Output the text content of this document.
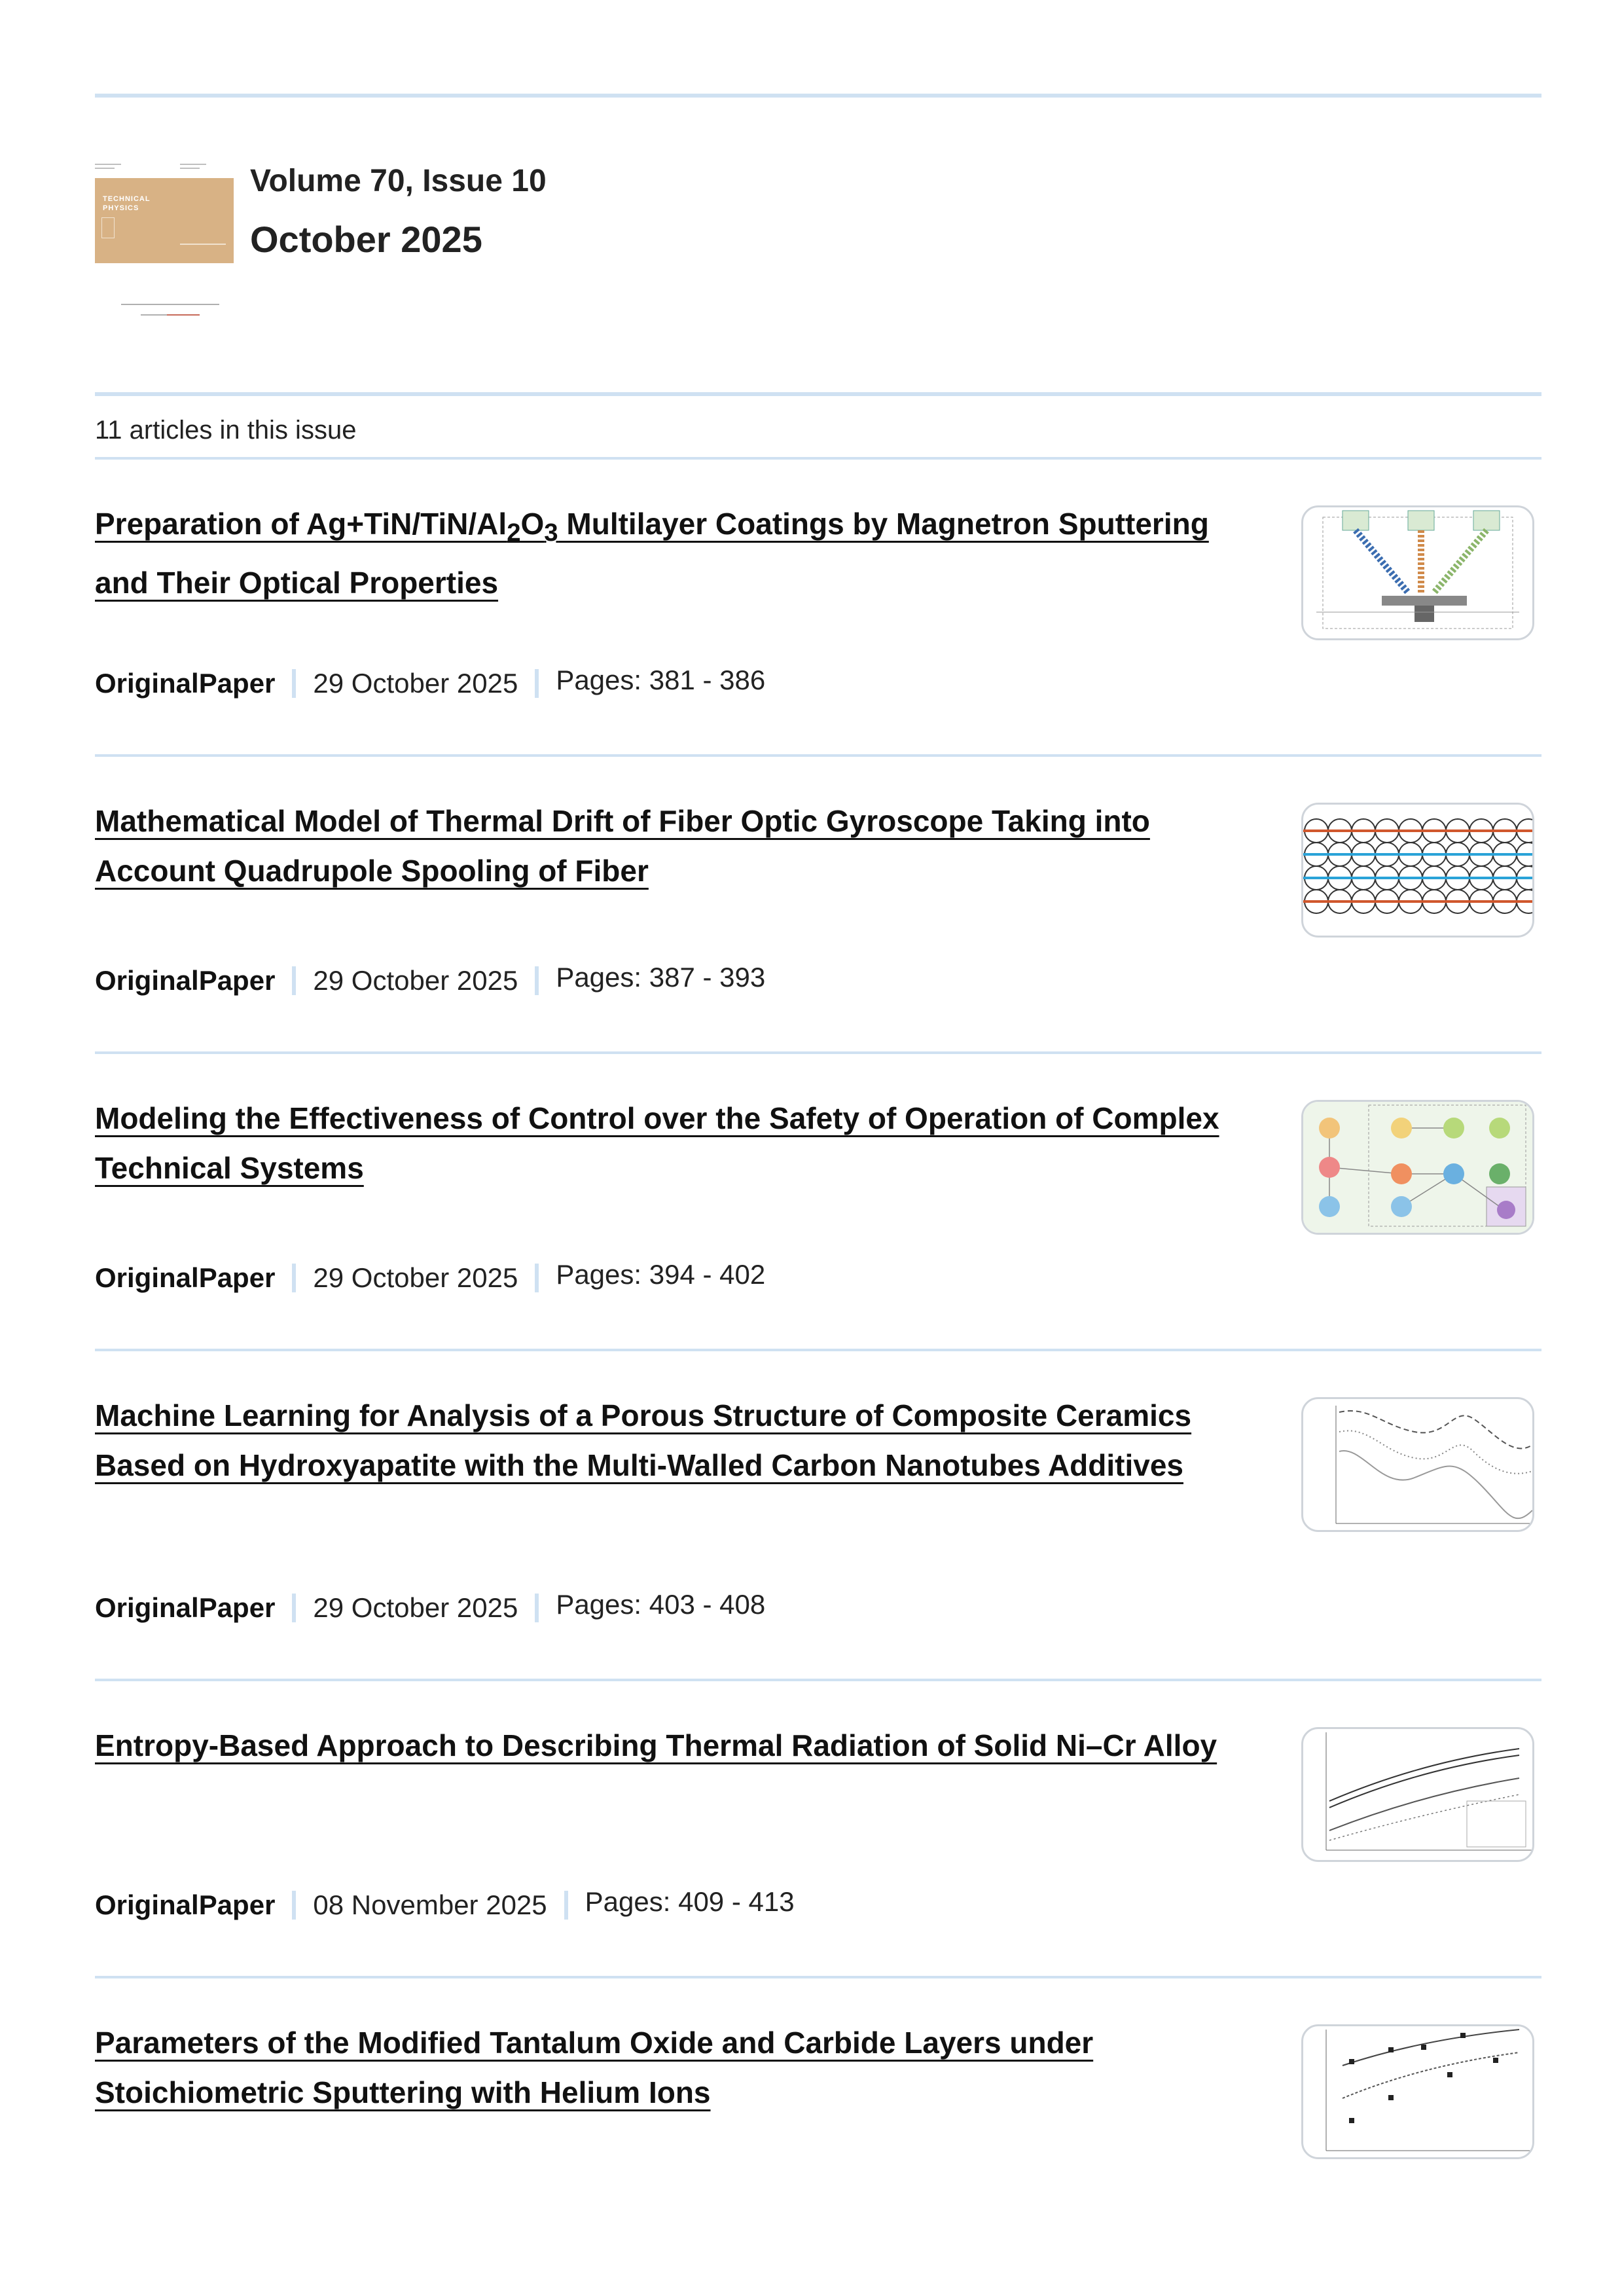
TECHNICAL
PHYSICS
Volume 70, Issue 10
October 2025
11 articles in this issue
Preparation of $Ag+TiN/TiN/Al_2O_3$ Multilayer Coatings by Magnetron Sputtering and Their Optical Properties
OriginalPaper 29 October 2025 Pages: 381 - 386
Mathematical Model of Thermal Drift of Fiber Optic Gyroscope Taking into Account Quadrupole Spooling of Fiber
OriginalPaper 29 October 2025 Pages: 387 - 393
Modeling the Effectiveness of Control over the Safety of Operation of Complex Technical Systems
OriginalPaper 29 October 2025 Pages: 394 - 402
Machine Learning for Analysis of a Porous Structure of Composite Ceramics Based on Hydroxyapatite with the Multi-Walled Carbon Nanotubes Additives
OriginalPaper 29 October 2025 Pages: 403 - 408
Entropy-Based Approach to Describing Thermal Radiation of Solid Ni–Cr Alloy
OriginalPaper 08 November 2025 Pages: 409 - 413
Parameters of the Modified Tantalum Oxide and Carbide Layers under Stoichiometric Sputtering with Helium Ions
